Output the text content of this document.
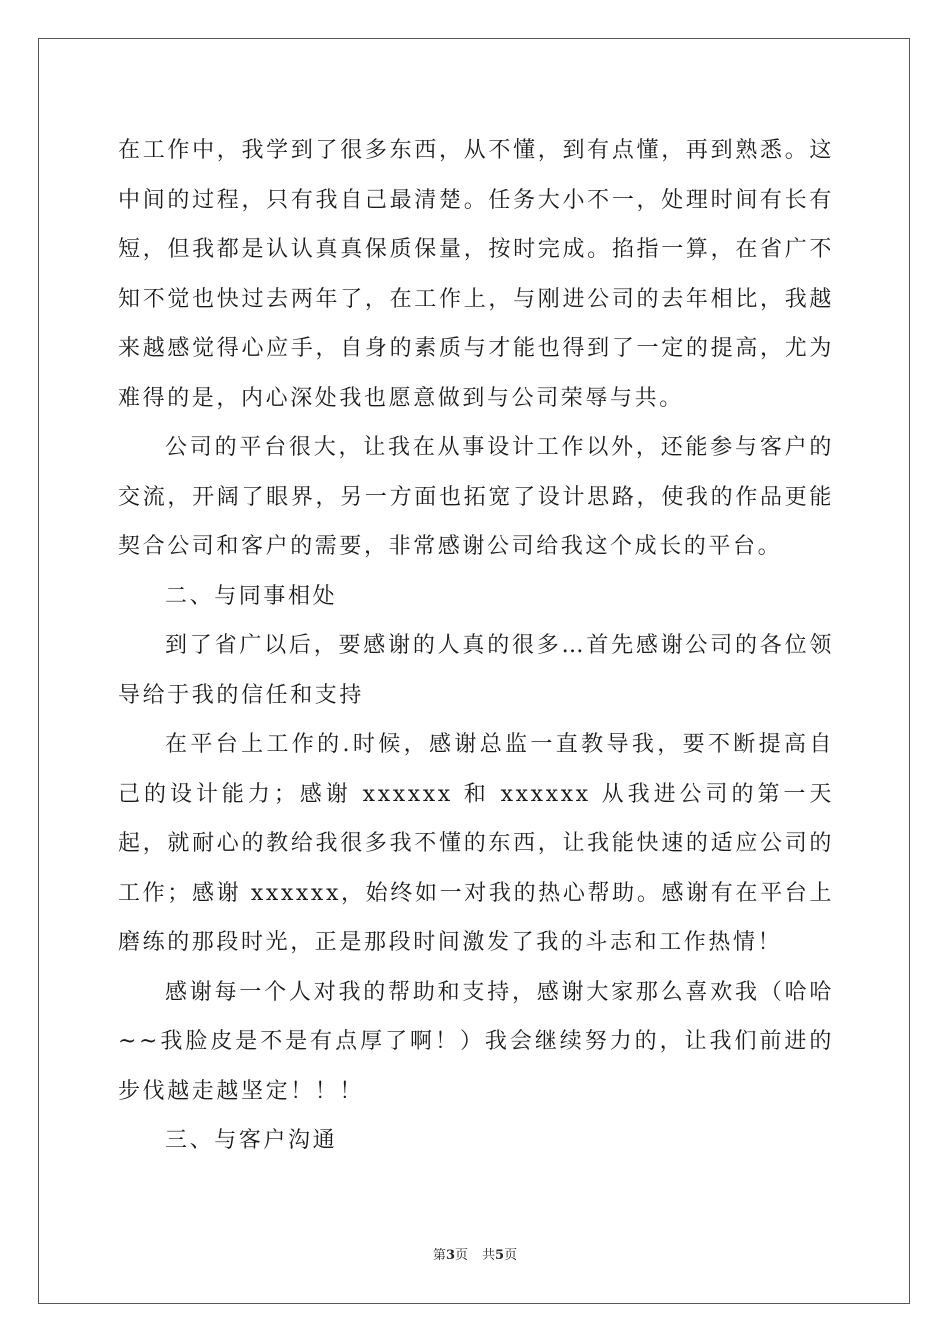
在工作中，我学到了很多东西，从不懂，到有点懂，再到熟悉。这中间的过程，只有我自己最清楚。任务大小不一，处理时间有长有短，但我都是认认真真保质保量，按时完成。掐指一算，在省广不知不觉也快过去两年了，在工作上，与刚进公司的去年相比，我越来越感觉得心应手，自身的素质与才能也得到了一定的提高，尤为难得的是，内心深处我也愿意做到与公司荣辱与共。

公司的平台很大，让我在从事设计工作以外，还能参与客户的交流，开阔了眼界，另一方面也拓宽了设计思路，使我的作品更能契合公司和客户的需要，非常感谢公司给我这个成长的平台。

二、与同事相处

到了省广以后，要感谢的人真的很多…首先感谢公司的各位领导给于我的信任和支持

在平台上工作的.时候，感谢总监一直教导我，要不断提高自己的设计能力；感谢 xxxxxx 和 xxxxxx 从我进公司的第一天起，就耐心的教给我很多我不懂的东西，让我能快速的适应公司的工作；感谢 xxxxxx，始终如一对我的热心帮助。感谢有在平台上磨练的那段时光，正是那段时间激发了我的斗志和工作热情！

感谢每一个人对我的帮助和支持，感谢大家那么喜欢我（哈哈~~我脸皮是不是有点厚了啊！）我会继续努力的，让我们前进的步伐越走越坚定！！！

三、与客户沟通

第3页 共5页
